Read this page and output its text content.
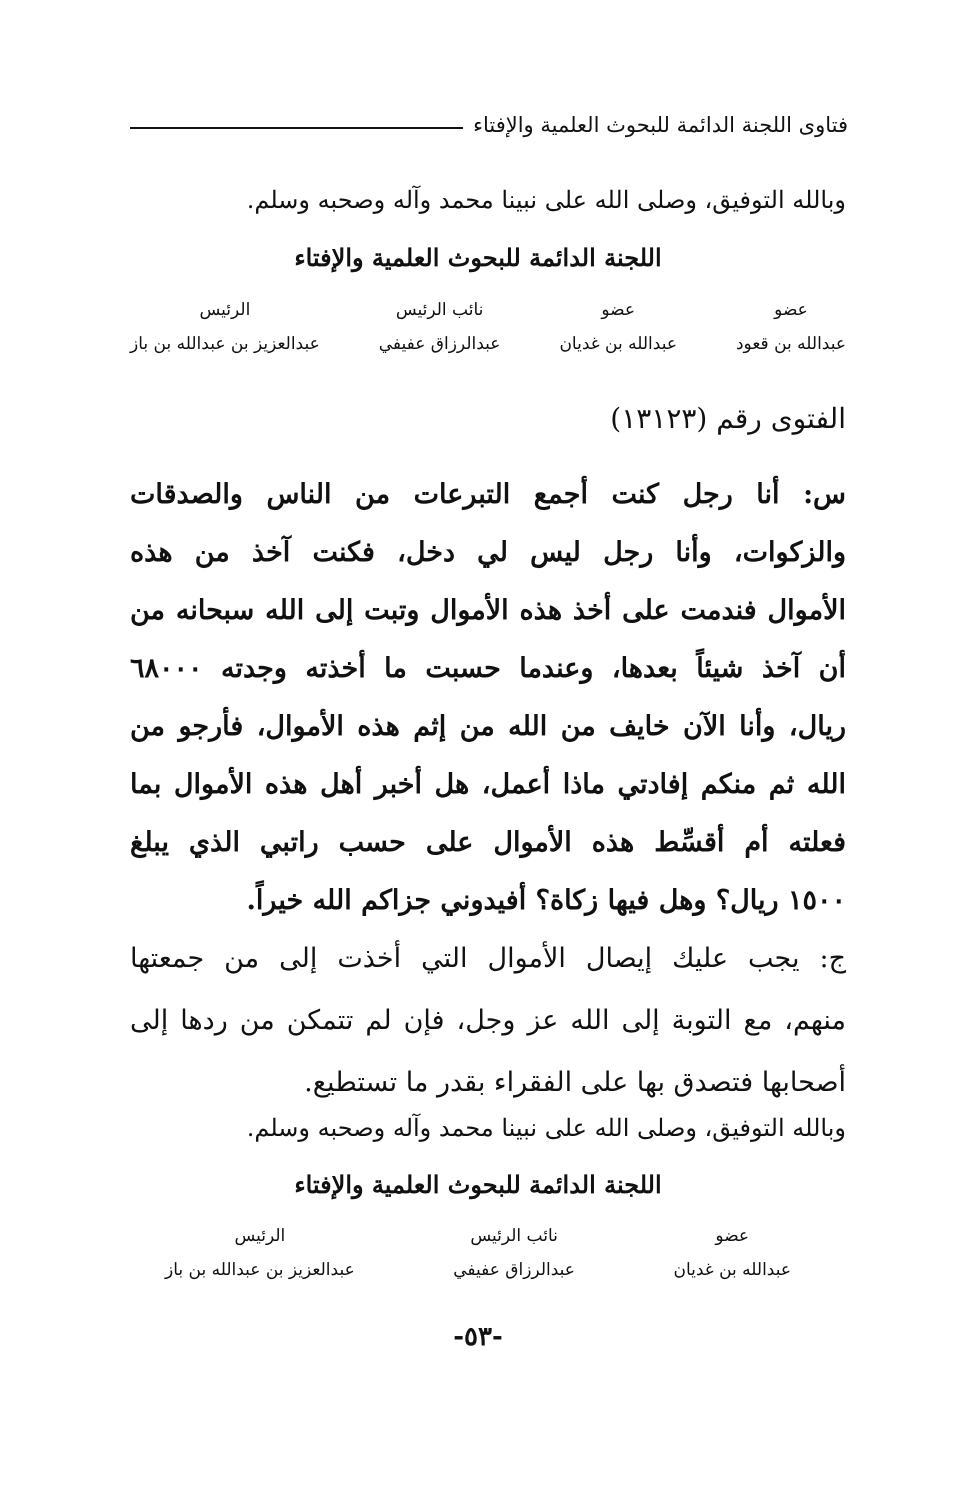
فتاوى اللجنة الدائمة للبحوث العلمية والإفتاء
وبالله التوفيق، وصلى الله على نبينا محمد وآله وصحبه وسلم.
اللجنة الدائمة للبحوث العلمية والإفتاء
عضو
عبدالله بن قعود
عضو
عبدالله بن غديان
نائب الرئيس
عبدالرزاق عفيفي
الرئيس
عبدالعزيز بن عبدالله بن باز
الفتوى رقم (١٣١٢٣)
س: أنا رجل كنت أجمع التبرعات من الناس والصدقات
والزكوات، وأنا رجل ليس لي دخل، فكنت آخذ من هذه
الأموال فندمت على أخذ هذه الأموال وتبت إلى الله سبحانه من
أن آخذ شيئاً بعدها، وعندما حسبت ما أخذته وجدته ٦٨٠٠٠
ريال، وأنا الآن خايف من الله من إثم هذه الأموال، فأرجو من
الله ثم منكم إفادتي ماذا أعمل، هل أخبر أهل هذه الأموال بما
فعلته أم أقسِّط هذه الأموال على حسب راتبي الذي يبلغ
١٥٠٠ ريال؟ وهل فيها زكاة؟ أفيدوني جزاكم الله خيراً.
ج: يجب عليك إيصال الأموال التي أخذت إلى من جمعتها
منهم، مع التوبة إلى الله عز وجل، فإن لم تتمكن من ردها إلى
أصحابها فتصدق بها على الفقراء بقدر ما تستطيع.
وبالله التوفيق، وصلى الله على نبينا محمد وآله وصحبه وسلم.
اللجنة الدائمة للبحوث العلمية والإفتاء
عضو
عبدالله بن غديان
نائب الرئيس
عبدالرزاق عفيفي
الرئيس
عبدالعزيز بن عبدالله بن باز
-٥٣-
